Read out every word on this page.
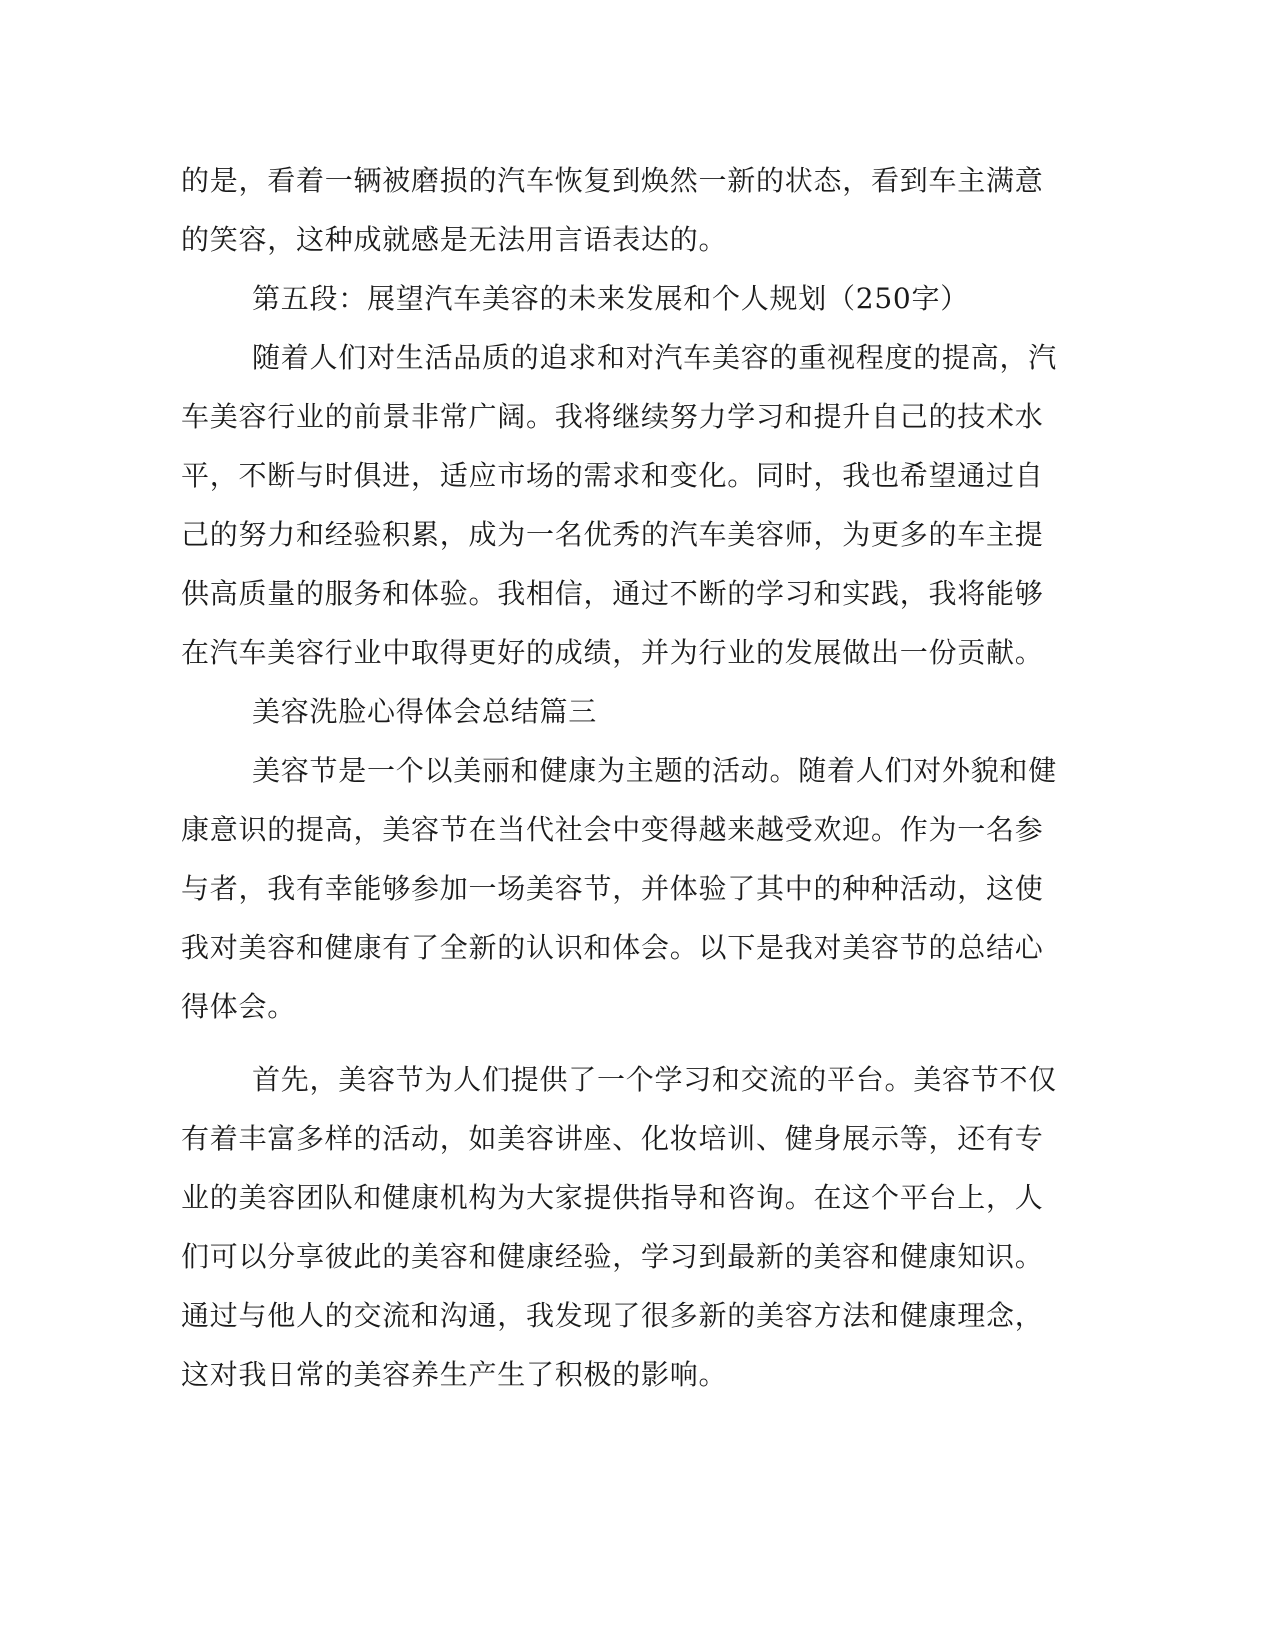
的是，看着一辆被磨损的汽车恢复到焕然一新的状态，看到车主满意
的笑容，这种成就感是无法用言语表达的。
第五段：展望汽车美容的未来发展和个人规划（250字）
随着人们对生活品质的追求和对汽车美容的重视程度的提高，汽
车美容行业的前景非常广阔。我将继续努力学习和提升自己的技术水
平，不断与时俱进，适应市场的需求和变化。同时，我也希望通过自
己的努力和经验积累，成为一名优秀的汽车美容师，为更多的车主提
供高质量的服务和体验。我相信，通过不断的学习和实践，我将能够
在汽车美容行业中取得更好的成绩，并为行业的发展做出一份贡献。
美容洗脸心得体会总结篇三
美容节是一个以美丽和健康为主题的活动。随着人们对外貌和健
康意识的提高，美容节在当代社会中变得越来越受欢迎。作为一名参
与者，我有幸能够参加一场美容节，并体验了其中的种种活动，这使
我对美容和健康有了全新的认识和体会。以下是我对美容节的总结心
得体会。
首先，美容节为人们提供了一个学习和交流的平台。美容节不仅
有着丰富多样的活动，如美容讲座、化妆培训、健身展示等，还有专
业的美容团队和健康机构为大家提供指导和咨询。在这个平台上，人
们可以分享彼此的美容和健康经验，学习到最新的美容和健康知识。
通过与他人的交流和沟通，我发现了很多新的美容方法和健康理念，
这对我日常的美容养生产生了积极的影响。
